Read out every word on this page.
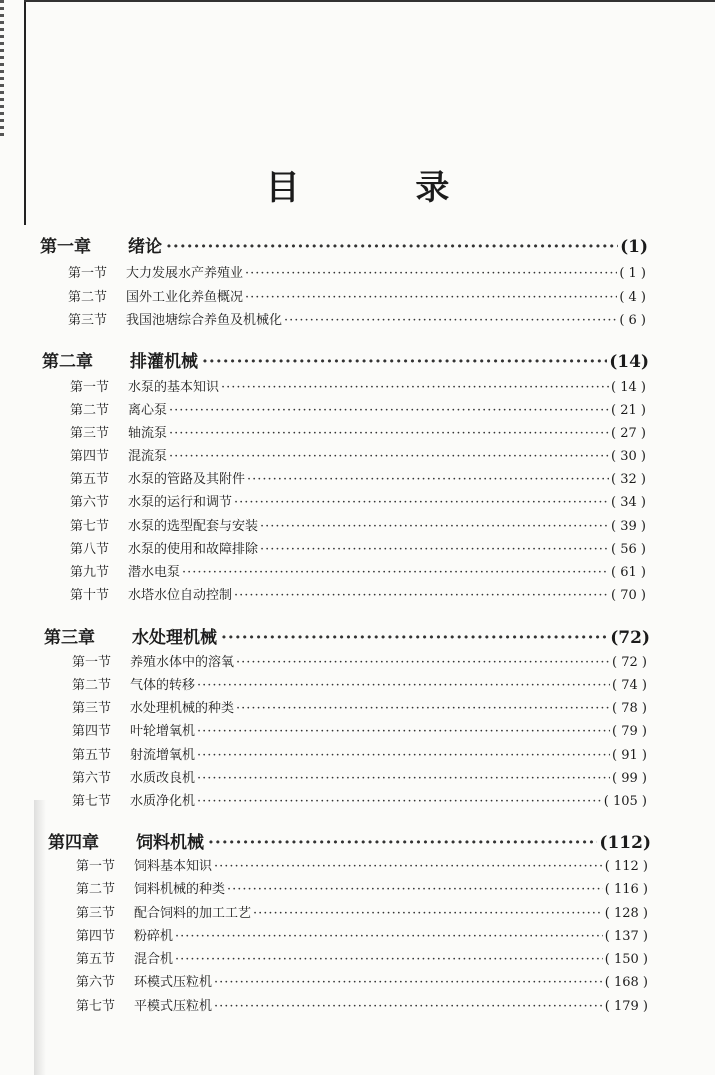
目 录
第一章	绪论 ·····	(1)
第一节	大力发展水产养殖业 ·····	( 1 )
第二节	国外工业化养鱼概况 ·····	( 4 )
第三节	我国池塘综合养鱼及机械化 ·····	( 6 )
第二章	排灌机械 ·····	(14)
第一节	水泵的基本知识 ·····	( 14 )
第二节	离心泵 ·····	( 21 )
第三节	轴流泵 ·····	( 27 )
第四节	混流泵 ·····	( 30 )
第五节	水泵的管路及其附件 ·····	( 32 )
第六节	水泵的运行和调节 ·····	( 34 )
第七节	水泵的选型配套与安装 ·····	( 39 )
第八节	水泵的使用和故障排除 ·····	( 56 )
第九节	潜水电泵 ·····	( 61 )
第十节	水塔水位自动控制 ·····	( 70 )
第三章	水处理机械 ·····	(72)
第一节	养殖水体中的溶氧 ·····	( 72 )
第二节	气体的转移 ·····	( 74 )
第三节	水处理机械的种类 ·····	( 78 )
第四节	叶轮增氧机 ·····	( 79 )
第五节	射流增氧机 ·····	( 91 )
第六节	水质改良机 ·····	( 99 )
第七节	水质净化机 ·····	( 105 )
第四章	饲料机械 ·····	(112)
第一节	饲料基本知识 ·····	( 112 )
第二节	饲料机械的种类 ·····	( 116 )
第三节	配合饲料的加工工艺 ·····	( 128 )
第四节	粉碎机 ·····	( 137 )
第五节	混合机 ·····	( 150 )
第六节	环模式压粒机 ·····	( 168 )
第七节	平模式压粒机 ·····	( 179 )
